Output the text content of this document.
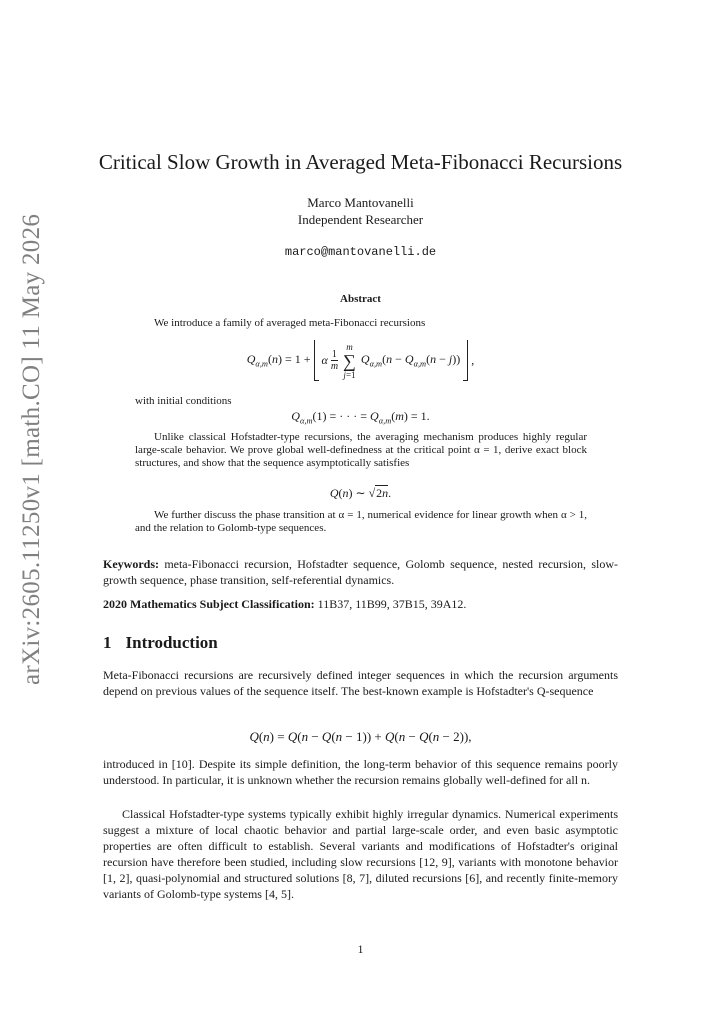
arXiv:2605.11250v1 [math.CO] 11 May 2026
Critical Slow Growth in Averaged Meta-Fibonacci Recursions
Marco Mantovanelli
Independent Researcher
marco@mantovanelli.de
Abstract
We introduce a family of averaged meta-Fibonacci recursions
$Q_{\alpha,m}(n) = 1 + \alpha \frac{1}{m}$ m
∑
j=1 $Q_{\alpha,m}(n - Q_{\alpha,m}(n - j))$ ,
with initial conditions
$Q_{\alpha,m}(1)$ = · · · = $Q_{\alpha,m}(m) = 1$.
Unlike classical Hofstadter-type recursions, the averaging mechanism produces highly regular large-scale behavior. We prove global well-definedness at the critical point α = 1, derive exact block structures, and show that the sequence asymptotically satisfies
Q(n) ∼ √2n.
We further discuss the phase transition at α = 1, numerical evidence for linear growth when α > 1, and the relation to Golomb-type sequences.
Keywords: meta-Fibonacci recursion, Hofstadter sequence, Golomb sequence, nested recursion, slow-growth sequence, phase transition, self-referential dynamics.
2020 Mathematics Subject Classification: 11B37, 11B99, 37B15, 39A12.
1 Introduction
Meta-Fibonacci recursions are recursively defined integer sequences in which the recursion arguments depend on previous values of the sequence itself. The best-known example is Hofstadter's Q-sequence
Q(n) = Q(n − Q(n − 1)) + Q(n − Q(n − 2)),
introduced in [10]. Despite its simple definition, the long-term behavior of this sequence remains poorly understood. In particular, it is unknown whether the recursion remains globally well-defined for all n.
Classical Hofstadter-type systems typically exhibit highly irregular dynamics. Numerical experiments suggest a mixture of local chaotic behavior and partial large-scale order, and even basic asymptotic properties are often difficult to establish. Several variants and modifications of Hofstadter's original recursion have therefore been studied, including slow recursions [12, 9], variants with monotone behavior [1, 2], quasi-polynomial and structured solutions [8, 7], diluted recursions [6], and recently finite-memory variants of Golomb-type systems [4, 5].
1
